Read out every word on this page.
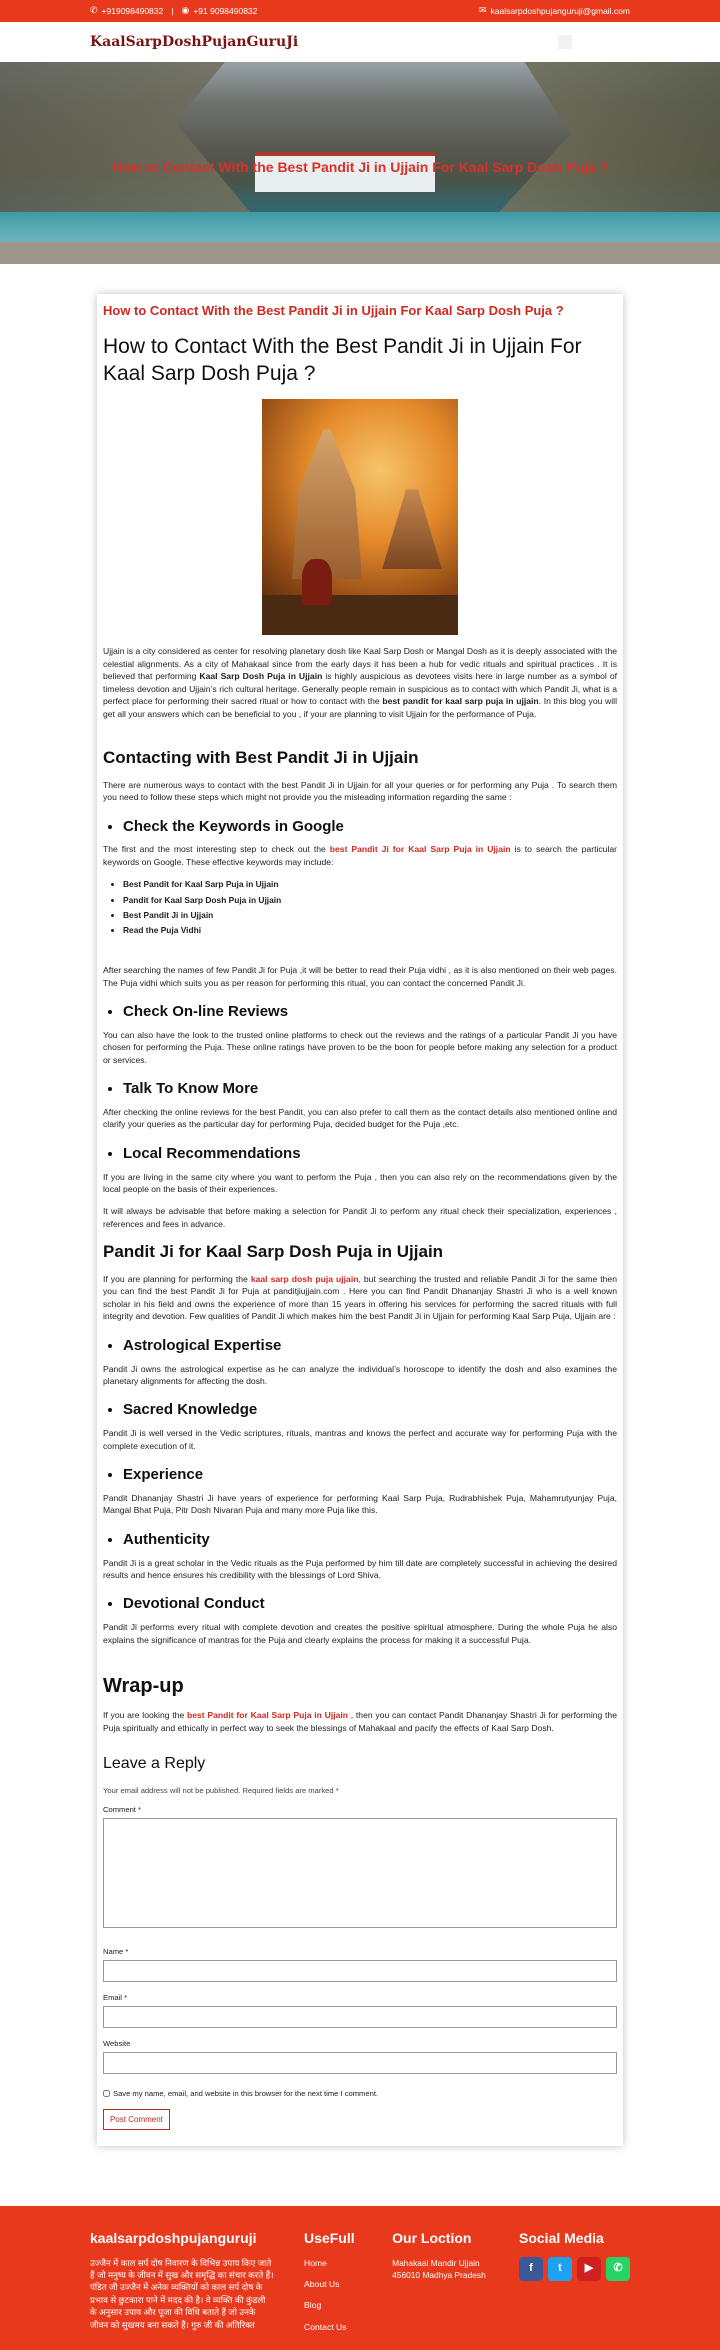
✆ +919098490832 | ◉ +91 9098490832	✉ kaalsarpdoshpujanguruji@gmail.com
KaalSarpDoshPujanGuruJi
How to Contact With the Best Pandit Ji in Ujjain For Kaal Sarp Dosh Puja ?
How to Contact With the Best Pandit Ji in Ujjain For Kaal Sarp Dosh Puja ?
How to Contact With the Best Pandit Ji in Ujjain For Kaal Sarp Dosh Puja ?

Ujjain is a city considered as center for resolving planetary dosh like Kaal Sarp Dosh or Mangal Dosh as it is deeply associated with the celestial alignments. As a city of Mahakaal since from the early days it has been a hub for vedic rituals and spiritual practices . It is believed that performing Kaal Sarp Dosh Puja in Ujjain is highly auspicious as devotees visits here in large number as a symbol of timeless devotion and Ujjain’s rich cultural heritage. Generally people remain in suspicious as to contact with which Pandit Ji, what is a perfect place for performing their sacred ritual or how to contact with the best pandit for kaal sarp puja in ujjain. In this blog you will get all your answers which can be beneficial to you , if your are planning to visit Ujjain for the performance of Puja.

Contacting with Best Pandit Ji in Ujjain

There are numerous ways to contact with the best Pandit Ji in Ujjain for all your queries or for performing any Puja . To search them you need to follow these steps which might not provide you the misleading information regarding the same :

Check the Keywords in Google

The first and the most interesting step to check out the best Pandit Ji for Kaal Sarp Puja in Ujjain is to search the particular keywords on Google. These effective keywords may include:

• Best Pandit for Kaal Sarp Puja in Ujjain
• Pandit for Kaal Sarp Dosh Puja in Ujjain
• Best Pandit Ji in Ujjain
• Read the Puja Vidhi

After searching the names of few Pandit Ji for Puja ,it will be better to read their Puja vidhi , as it is also mentioned on their web pages. The Puja vidhi which suits you as per reason for performing this ritual, you can contact the concerned Pandit Ji.

Check On-line Reviews

You can also have the look to the trusted online platforms to check out the reviews and the ratings of a particular Pandit Ji you have chosen for performing the Puja. These online ratings have proven to be the boon for people before making any selection for a product or services.

Talk To Know More

After checking the online reviews for the best Pandit, you can also prefer to call them as the contact details also mentioned online and clarify your queries as the particular day for performing Puja, decided budget for the Puja ,etc.

Local Recommendations

If you are living in the same city where you want to perform the Puja , then you can also rely on the recommendations given by the local people on the basis of their experiences.

It will always be advisable that before making a selection for Pandit Ji to perform any ritual check their specialization, experiences , references and fees in advance.

Pandit Ji for Kaal Sarp Dosh Puja in Ujjain

If you are planning for performing the kaal sarp dosh puja ujjain, but searching the trusted and reliable Pandit Ji for the same then you can find the best Pandit Ji for Puja at panditjiujjain.com . Here you can find Pandit Dhananjay Shastri Ji who is a well known scholar in his field and owns the experience of more than 15 years in offering his services for performing the sacred rituals with full integrity and devotion. Few qualities of Pandit Ji which makes him the best Pandit Ji in Ujjain for performing Kaal Sarp Puja, Ujjain are :

Astrological Expertise

Pandit Ji owns the astrological expertise as he can analyze the individual’s horoscope to identify the dosh and also examines the planetary alignments for affecting the dosh.

Sacred Knowledge

Pandit Ji is well versed in the Vedic scriptures, rituals, mantras and knows the perfect and accurate way for performing Puja with the complete execution of it.

Experience

Pandit Dhananjay Shastri Ji have years of experience for performing Kaal Sarp Puja, Rudrabhishek Puja, Mahamrutyunjay Puja, Mangal Bhat Puja, Pitr Dosh Nivaran Puja and many more Puja like this.

Authenticity

Pandit Ji is a great scholar in the Vedic rituals as the Puja performed by him till date are completely successful in achieving the desired results and hence ensures his credibility with the blessings of Lord Shiva.

Devotional Conduct

Pandit Ji performs every ritual with complete devotion and creates the positive spiritual atmosphere. During the whole Puja he also explains the significance of mantras for the Puja and clearly explains the process for making it a successful Puja.

Wrap-up

If you are looking the best Pandit for Kaal Sarp Puja in Ujjain , then you can contact Pandit Dhananjay Shastri Ji for performing the Puja spiritually and ethically in perfect way to seek the blessings of Mahakaal and pacify the effects of Kaal Sarp Dosh.

Leave a Reply
Your email address will not be published. Required fields are marked *
Comment *
Name *
Email *
Website
Save my name, email, and website in this browser for the next time I comment.
Post Comment
kaalsarpdoshpujanguruji

उज्जैन में काल सर्प दोष निवारण के विभिन्न उपाय किए जाते हैं जो मनुष्य के जीवन में सुख और समृद्धि का संचार करते हैं। पंडित जी उज्जैन में अनेक व्यक्तियों को काल सर्प दोष के प्रभाव से छुटकारा पाने में मदद की है। वे व्यक्ति की कुंडली के अनुसार उपाय और पूजा की विधि बताते हैं जो उनके जीवन को सुखमय बना सकते हैं। गुरु जी की अतिरिक्त

UseFull
Home
About Us
Blog
Contact Us
Our Loction
Mahakaal Mandir Ujjain
456010 Madhya Pradesh
Social Media
f	t	▶	✆
